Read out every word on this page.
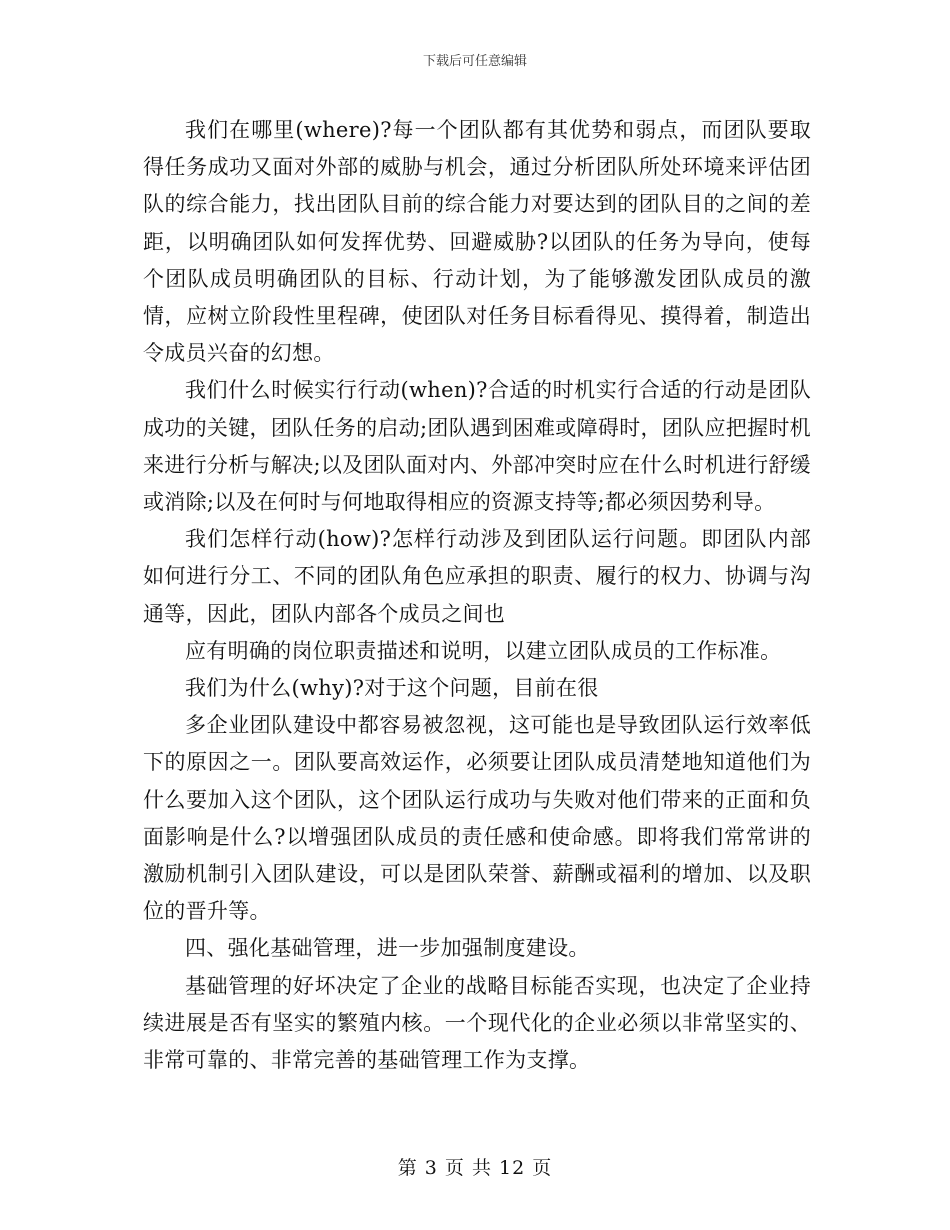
下载后可任意编辑

我们在哪里(where)?每一个团队都有其优势和弱点，而团队要取得任务成功又面对外部的威胁与机会，通过分析团队所处环境来评估团队的综合能力，找出团队目前的综合能力对要达到的团队目的之间的差距，以明确团队如何发挥优势、回避威胁?以团队的任务为导向，使每个团队成员明确团队的目标、行动计划，为了能够激发团队成员的激情，应树立阶段性里程碑，使团队对任务目标看得见、摸得着，制造出令成员兴奋的幻想。

我们什么时候实行行动(when)?合适的时机实行合适的行动是团队成功的关键，团队任务的启动;团队遇到困难或障碍时，团队应把握时机来进行分析与解决;以及团队面对内、外部冲突时应在什么时机进行舒缓或消除;以及在何时与何地取得相应的资源支持等;都必须因势利导。

我们怎样行动(how)?怎样行动涉及到团队运行问题。即团队内部如何进行分工、不同的团队角色应承担的职责、履行的权力、协调与沟通等，因此，团队内部各个成员之间也

应有明确的岗位职责描述和说明，以建立团队成员的工作标准。

我们为什么(why)?对于这个问题，目前在很

多企业团队建设中都容易被忽视，这可能也是导致团队运行效率低下的原因之一。团队要高效运作，必须要让团队成员清楚地知道他们为什么要加入这个团队，这个团队运行成功与失败对他们带来的正面和负面影响是什么?以增强团队成员的责任感和使命感。即将我们常常讲的激励机制引入团队建设，可以是团队荣誉、薪酬或福利的增加、以及职位的晋升等。

四、强化基础管理，进一步加强制度建设。

基础管理的好坏决定了企业的战略目标能否实现，也决定了企业持续进展是否有坚实的繁殖内核。一个现代化的企业必须以非常坚实的、非常可靠的、非常完善的基础管理工作为支撑。

第 3 页 共 12 页
